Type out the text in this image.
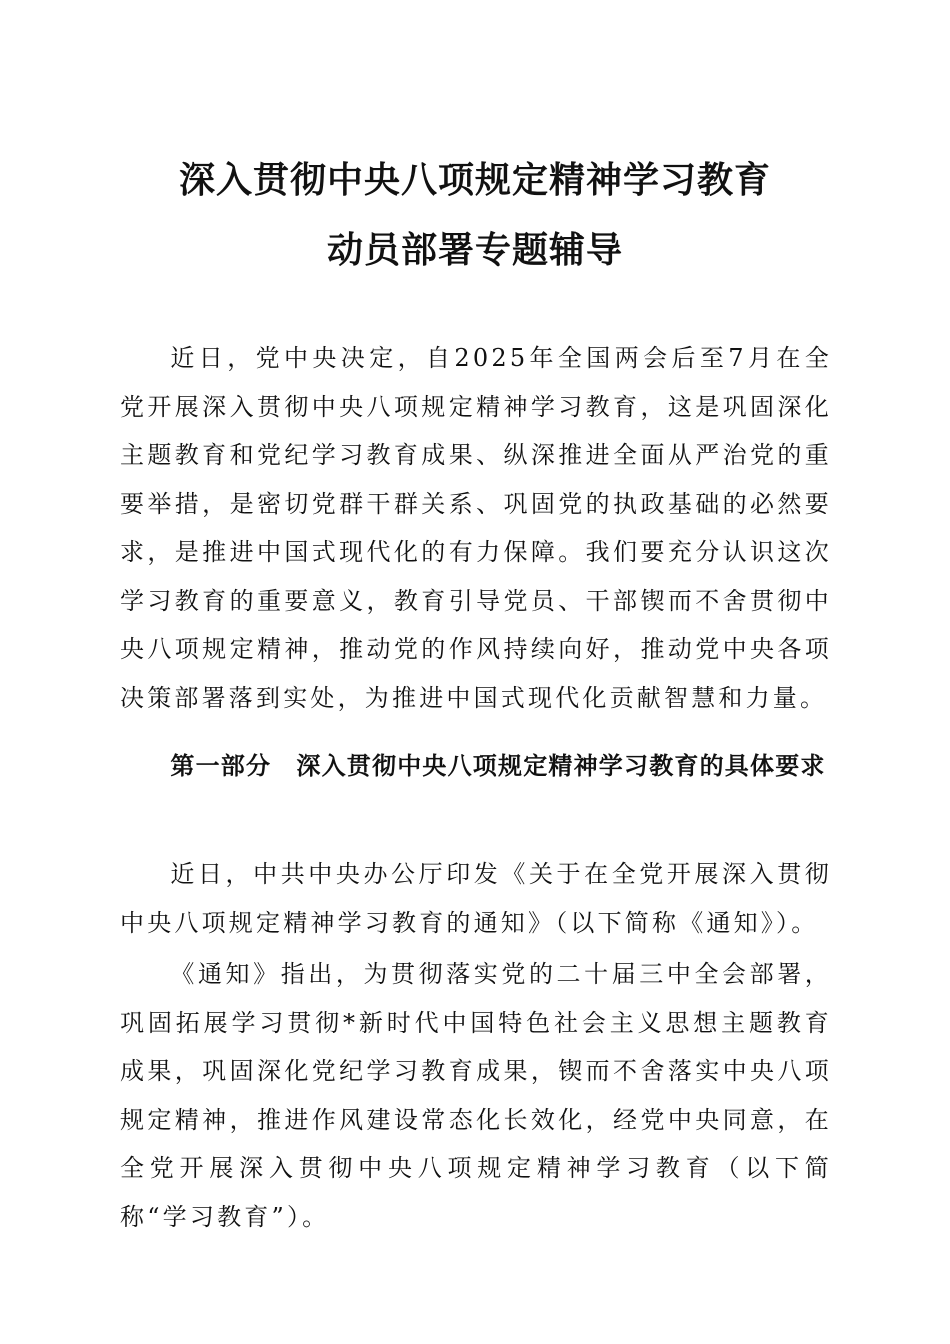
深入贯彻中央八项规定精神学习教育
动员部署专题辅导

近日，党中央决定，自2025年全国两会后至7月在全党开展深入贯彻中央八项规定精神学习教育，这是巩固深化主题教育和党纪学习教育成果、纵深推进全面从严治党的重要举措，是密切党群干群关系、巩固党的执政基础的必然要求，是推进中国式现代化的有力保障。我们要充分认识这次学习教育的重要意义，教育引导党员、干部锲而不舍贯彻中央八项规定精神，推动党的作风持续向好，推动党中央各项决策部署落到实处，为推进中国式现代化贡献智慧和力量。

第一部分　深入贯彻中央八项规定精神学习教育的具体要求

近日，中共中央办公厅印发《关于在全党开展深入贯彻中央八项规定精神学习教育的通知》（以下简称《通知》）。

《通知》指出，为贯彻落实党的二十届三中全会部署，巩固拓展学习贯彻*新时代中国特色社会主义思想主题教育成果，巩固深化党纪学习教育成果，锲而不舍落实中央八项规定精神，推进作风建设常态化长效化，经党中央同意，在全党开展深入贯彻中央八项规定精神学习教育（以下简称“学习教育”）。
